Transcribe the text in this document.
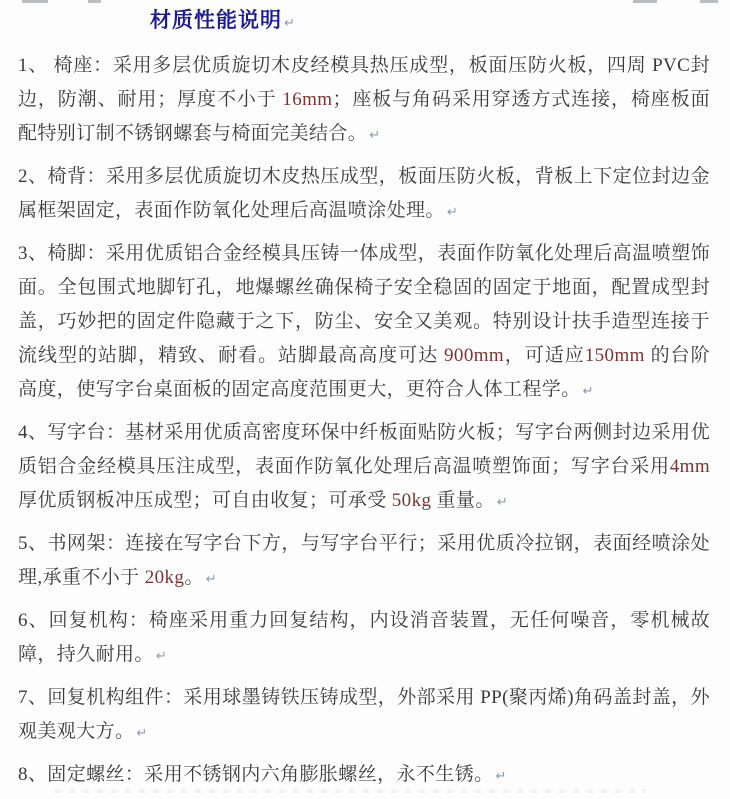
材质性能说明 ↵

1、 椅座：采用多层优质旋切木皮经模具热压成型，板面压防火板，四周 PVC封边，防潮、耐用；厚度不小于 16mm；座板与角码采用穿透方式连接，椅座板面配特别订制不锈钢螺套与椅面完美结合。 ↵

2、椅背：采用多层优质旋切木皮热压成型，板面压防火板，背板上下定位封边金属框架固定，表面作防氧化处理后高温喷涂处理。 ↵

3、椅脚：采用优质铝合金经模具压铸一体成型，表面作防氧化处理后高温喷塑饰面。全包围式地脚钉孔，地爆螺丝确保椅子安全稳固的固定于地面，配置成型封盖，巧妙把的固定件隐藏于之下，防尘、安全又美观。特别设计扶手造型连接于流线型的站脚，精致、耐看。站脚最高高度可达 900mm，可适应150mm 的台阶高度，使写字台桌面板的固定高度范围更大，更符合人体工程学。 ↵

4、写字台：基材采用优质高密度环保中纤板面贴防火板；写字台两侧封边采用优质铝合金经模具压注成型，表面作防氧化处理后高温喷塑饰面；写字台采用4mm 厚优质钢板冲压成型；可自由收复；可承受 50kg 重量。 ↵

5、书网架：连接在写字台下方，与写字台平行；采用优质冷拉钢，表面经喷涂处理,承重不小于 20kg。 ↵

6、回复机构：椅座采用重力回复结构，内设消音装置，无任何噪音，零机械故障，持久耐用。 ↵

7、回复机构组件：采用球墨铸铁压铸成型，外部采用 PP(聚丙烯)角码盖封盖，外观美观大方。 ↵

8、固定螺丝：采用不锈钢内六角膨胀螺丝，永不生锈。 ↵
